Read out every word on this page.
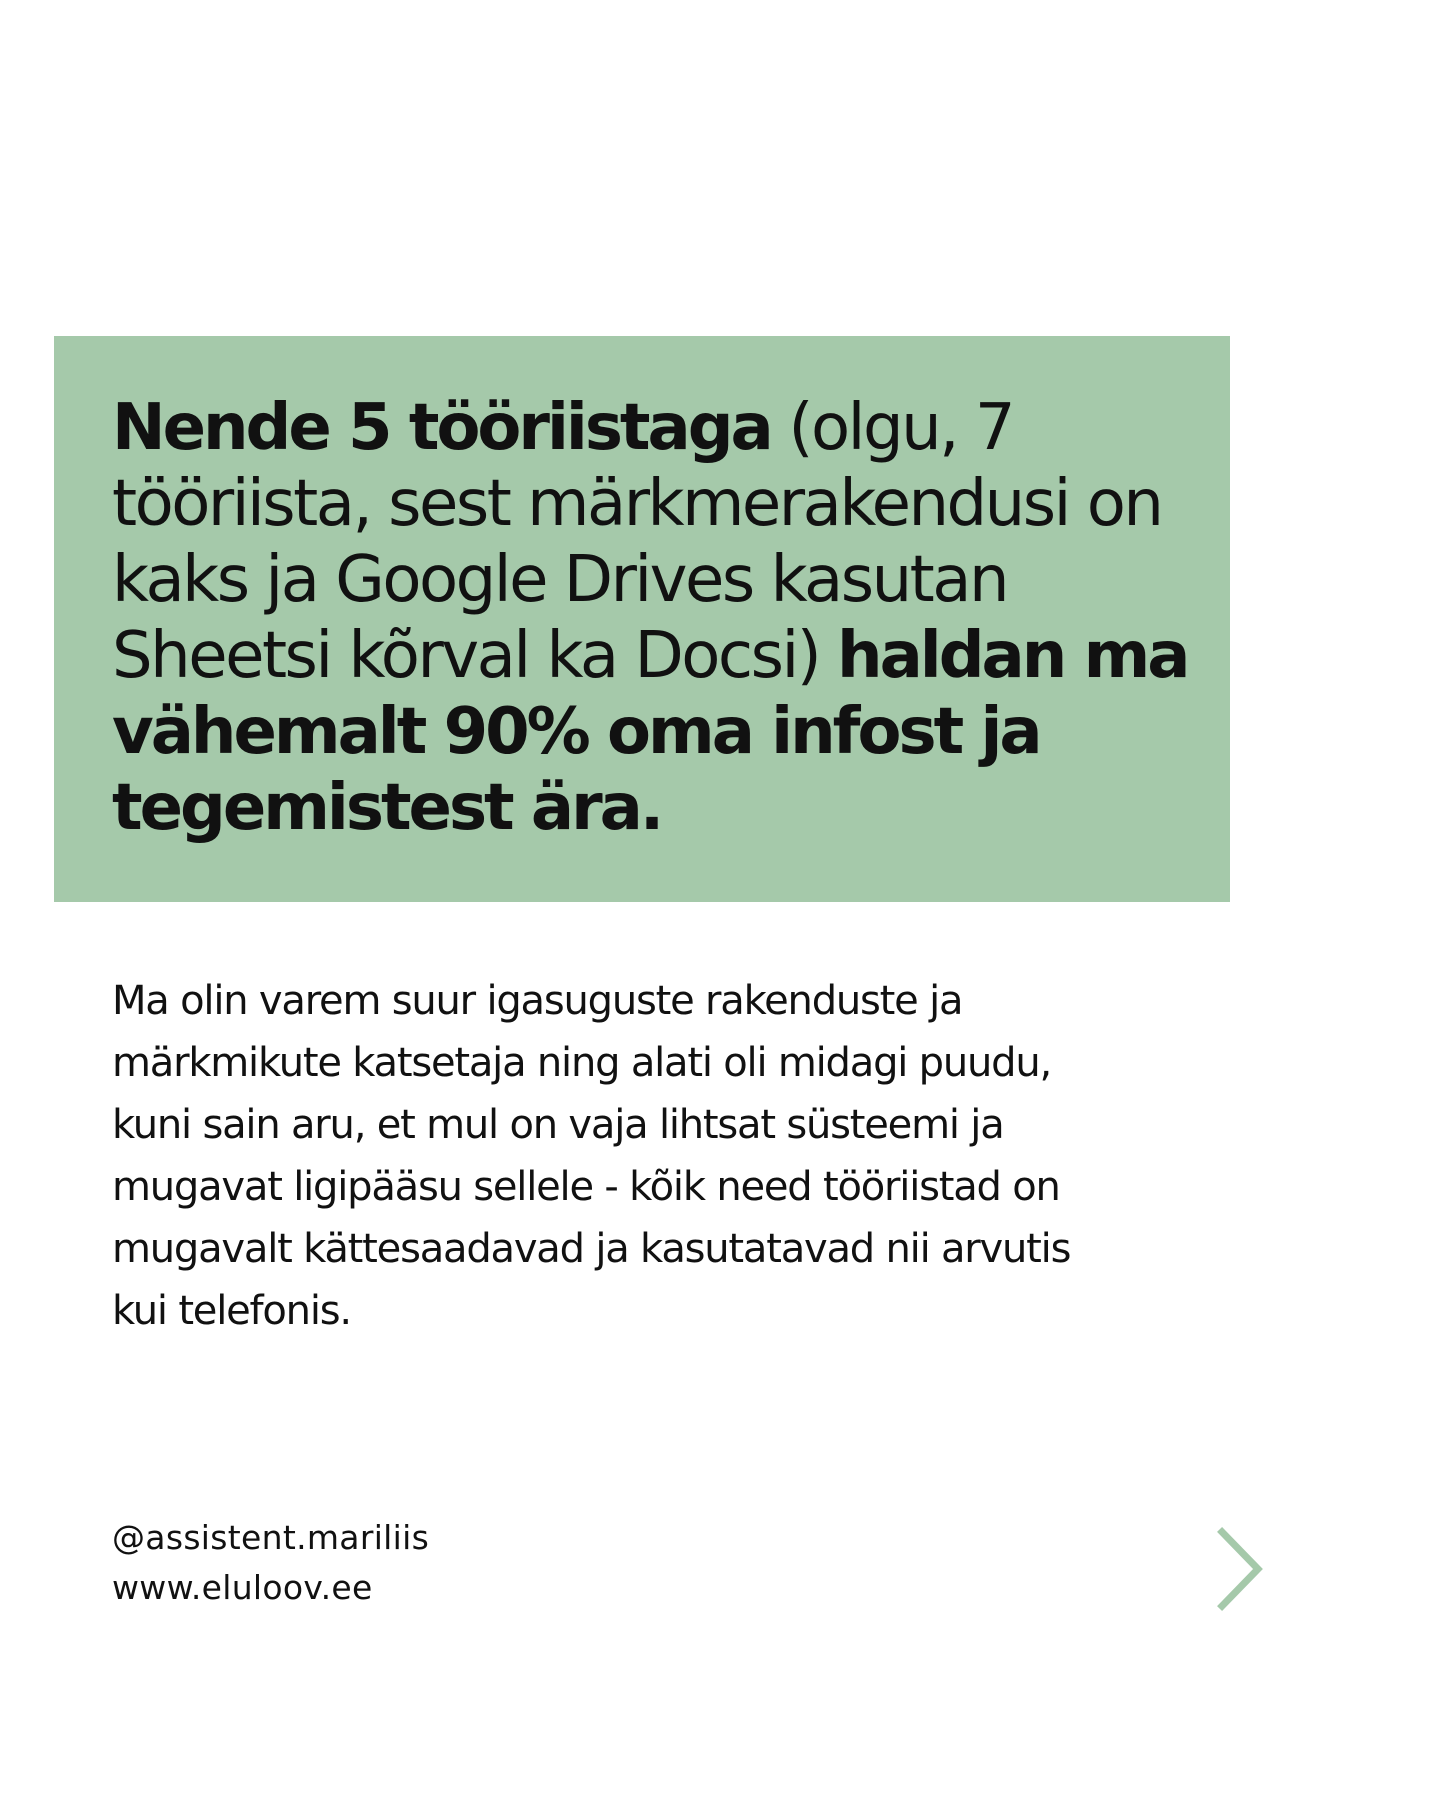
Nende 5 tööriistaga (olgu, 7 tööriista, sest märkmerakendusi on kaks ja Google Drives kasutan Sheetsi kõrval ka Docsi) haldan ma vähemalt 90% oma infost ja tegemistest ära.

Ma olin varem suur igasuguste rakenduste ja
märkmikute katsetaja ning alati oli midagi puudu,
kuni sain aru, et mul on vaja lihtsat süsteemi ja
mugavat ligipääsu sellele - kõik need tööriistad on
mugavalt kättesaadavad ja kasutatavad nii arvutis
kui telefonis.

@assistent.mariliis
www.eluloov.ee
